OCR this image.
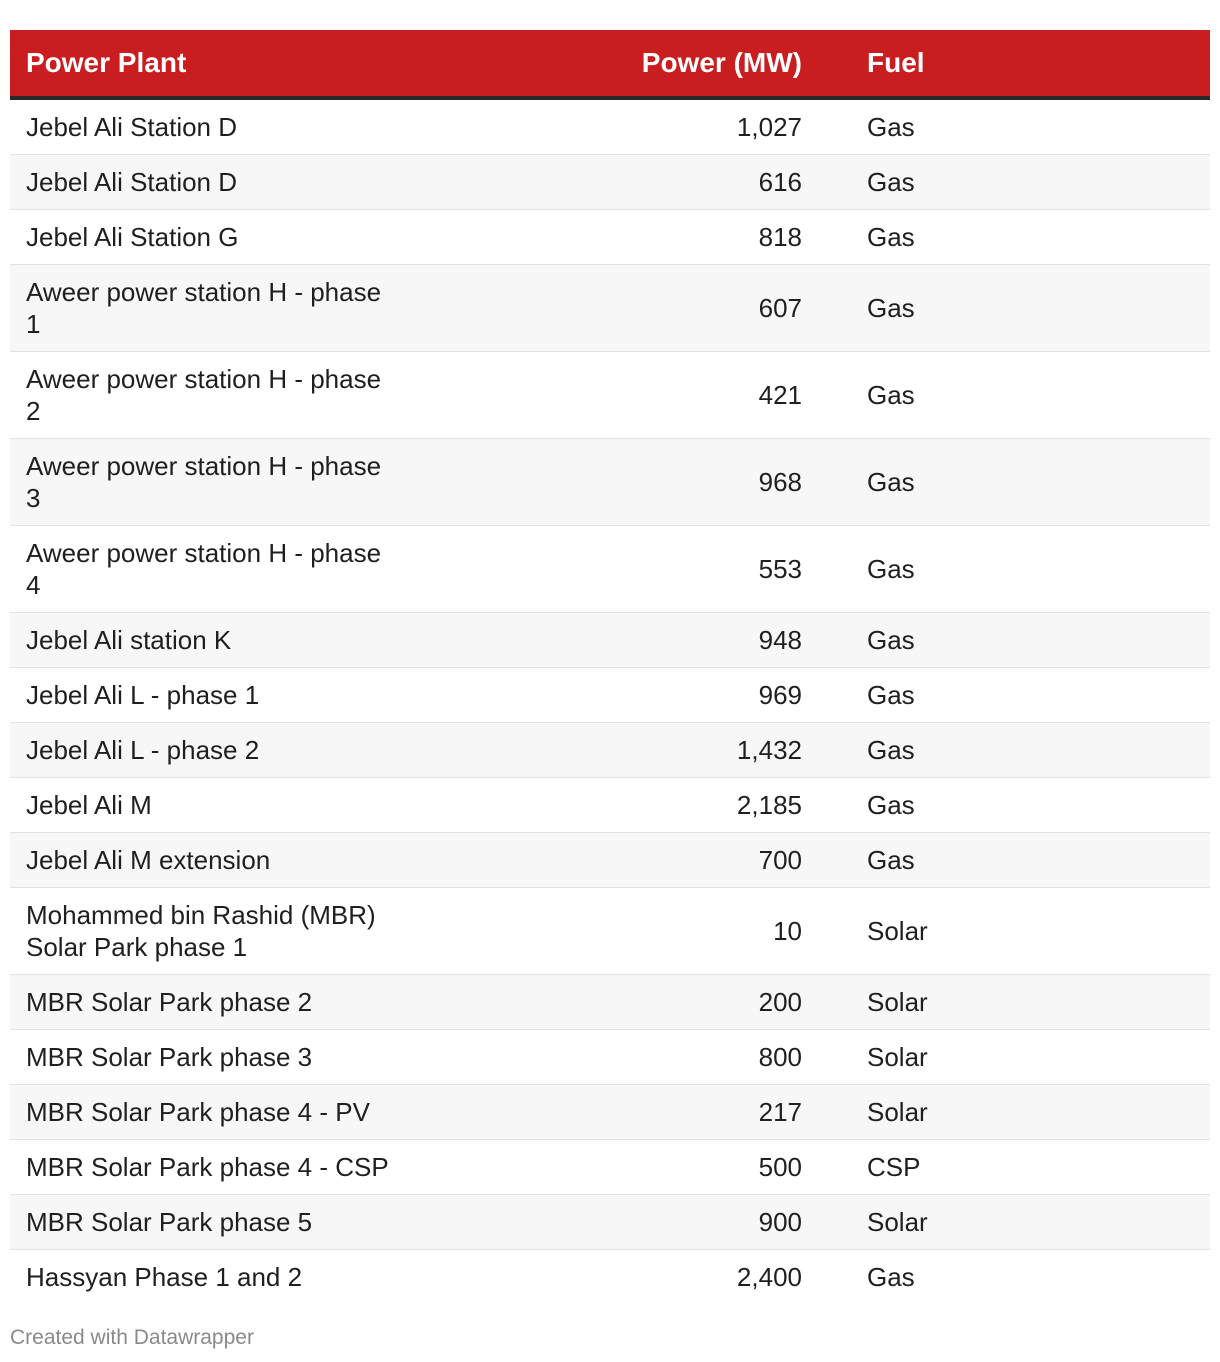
Power Plant	Power (MW)	Fuel
Jebel Ali Station D	1,027	Gas
Jebel Ali Station D	616	Gas
Jebel Ali Station G	818	Gas
Aweer power station H - phase 1	607	Gas
Aweer power station H - phase 2	421	Gas
Aweer power station H - phase 3	968	Gas
Aweer power station H - phase 4	553	Gas
Jebel Ali station K	948	Gas
Jebel Ali L - phase 1	969	Gas
Jebel Ali L - phase 2	1,432	Gas
Jebel Ali M	2,185	Gas
Jebel Ali M extension	700	Gas
Mohammed bin Rashid (MBR) Solar Park phase 1	10	Solar
MBR Solar Park phase 2	200	Solar
MBR Solar Park phase 3	800	Solar
MBR Solar Park phase 4 - PV	217	Solar
MBR Solar Park phase 4 - CSP	500	CSP
MBR Solar Park phase 5	900	Solar
Hassyan Phase 1 and 2	2,400	Gas
Created with Datawrapper
